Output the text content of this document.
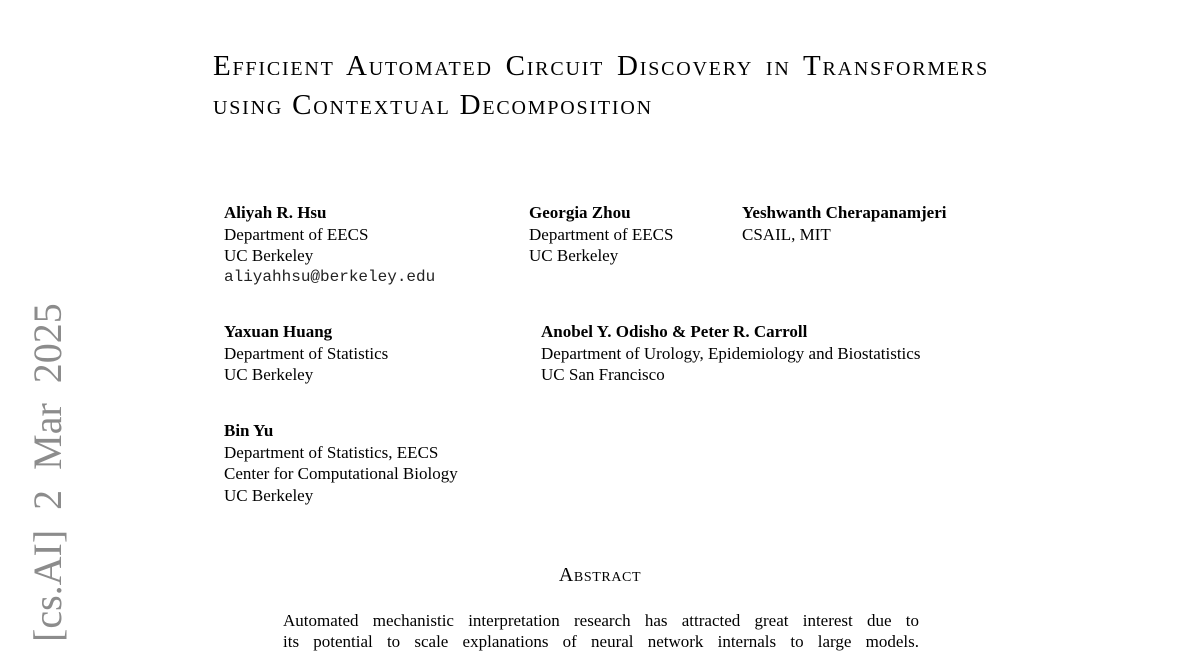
[cs.AI] 2 Mar 2025
Efficient Automated Circuit Discovery in Transformers using Contextual Decomposition
Aliyah R. Hsu
Department of EECS
UC Berkeley
aliyahhsu@berkeley.edu
Georgia Zhou
Department of EECS
UC Berkeley
Yeshwanth Cherapanamjeri
CSAIL, MIT
Yaxuan Huang
Department of Statistics
UC Berkeley
Anobel Y. Odisho & Peter R. Carroll
Department of Urology, Epidemiology and Biostatistics
UC San Francisco
Bin Yu
Department of Statistics, EECS
Center for Computational Biology
UC Berkeley
Abstract
Automated mechanistic interpretation research has attracted great interest due to
its potential to scale explanations of neural network internals to large models.
